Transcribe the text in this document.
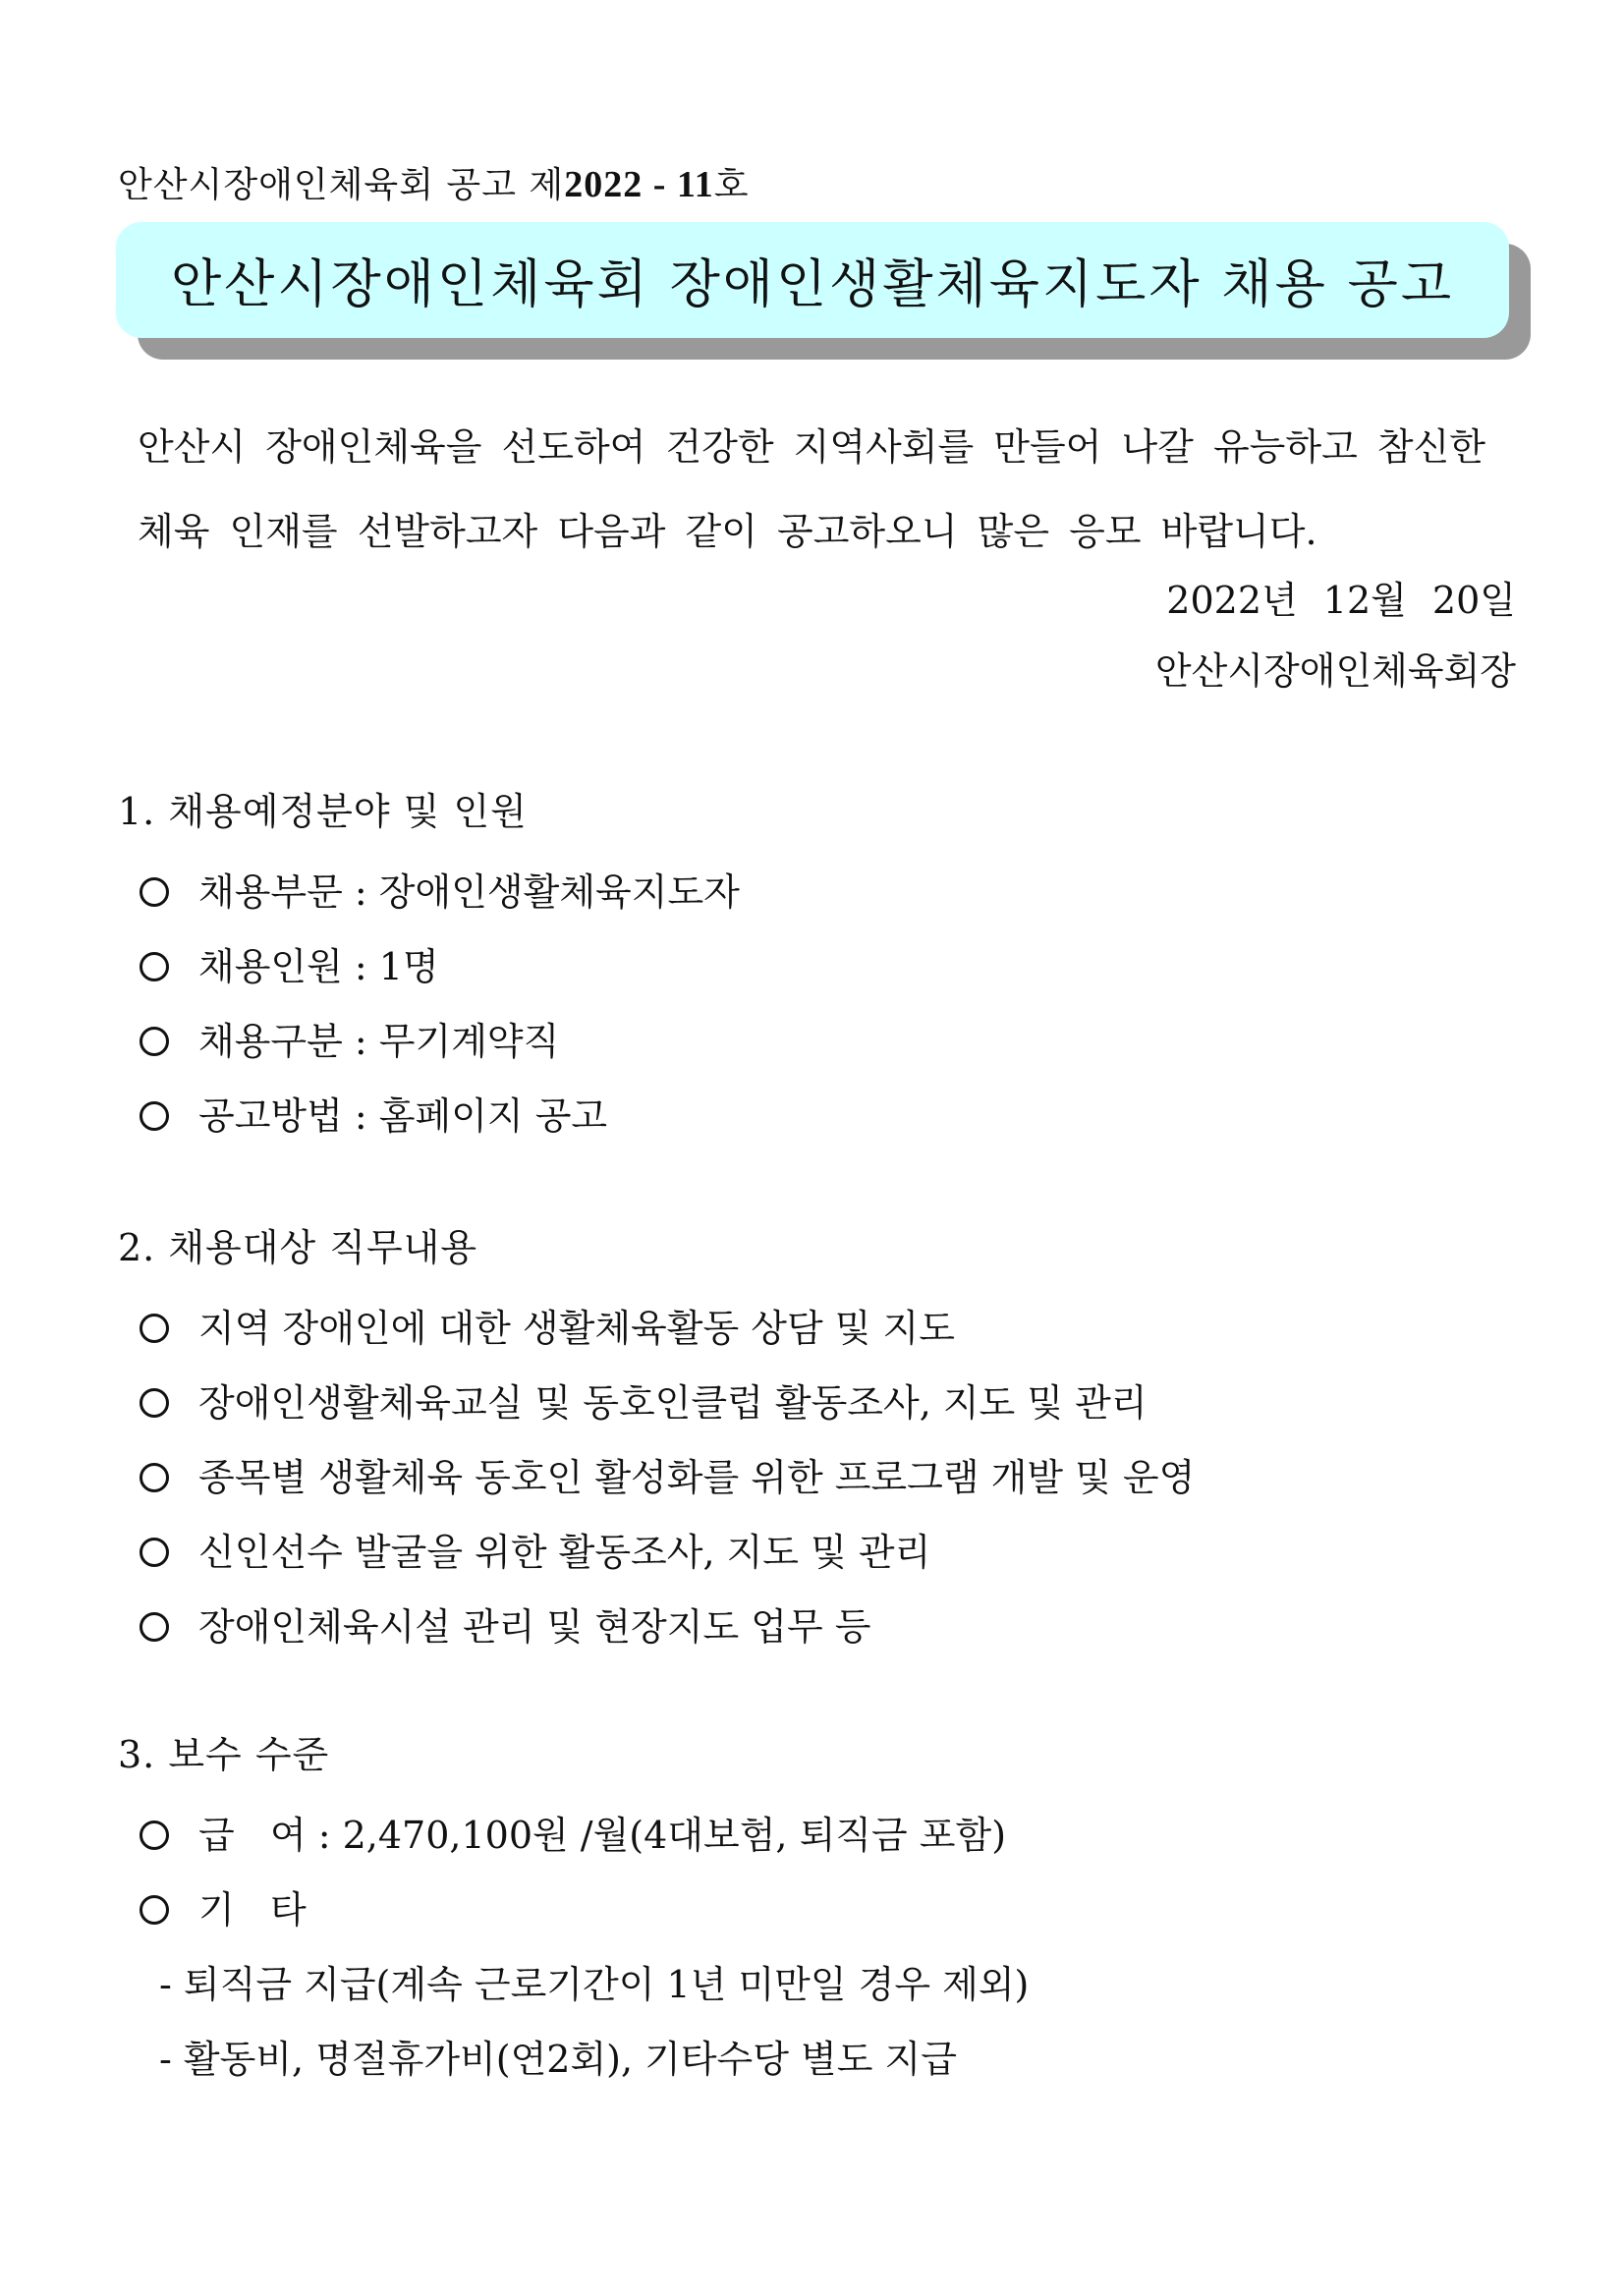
안산시장애인체육회 공고 제2022 - 11호
안산시장애인체육회 장애인생활체육지도자 채용 공고

안산시 장애인체육을 선도하여 건강한 지역사회를 만들어 나갈 유능하고 참신한

체육 인재를 선발하고자 다음과 같이 공고하오니 많은 응모 바랍니다.

2022년 12월 20일
안산시장애인체육회장
1. 채용예정분야 및 인원
채용부문 : 장애인생활체육지도자
채용인원 : 1명
채용구분 : 무기계약직
공고방법 : 홈페이지 공고
2. 채용대상 직무내용
지역 장애인에 대한 생활체육활동 상담 및 지도
장애인생활체육교실 및 동호인클럽 활동조사, 지도 및 관리
종목별 생활체육 동호인 활성화를 위한 프로그램 개발 및 운영
신인선수 발굴을 위한 활동조사, 지도 및 관리
장애인체육시설 관리 및 현장지도 업무 등
3. 보수 수준
급   여 : 2,470,100원 /월(4대보험, 퇴직금 포함)
기   타
- 퇴직금 지급(계속 근로기간이 1년 미만일 경우 제외)
- 활동비, 명절휴가비(연2회), 기타수당 별도 지급
